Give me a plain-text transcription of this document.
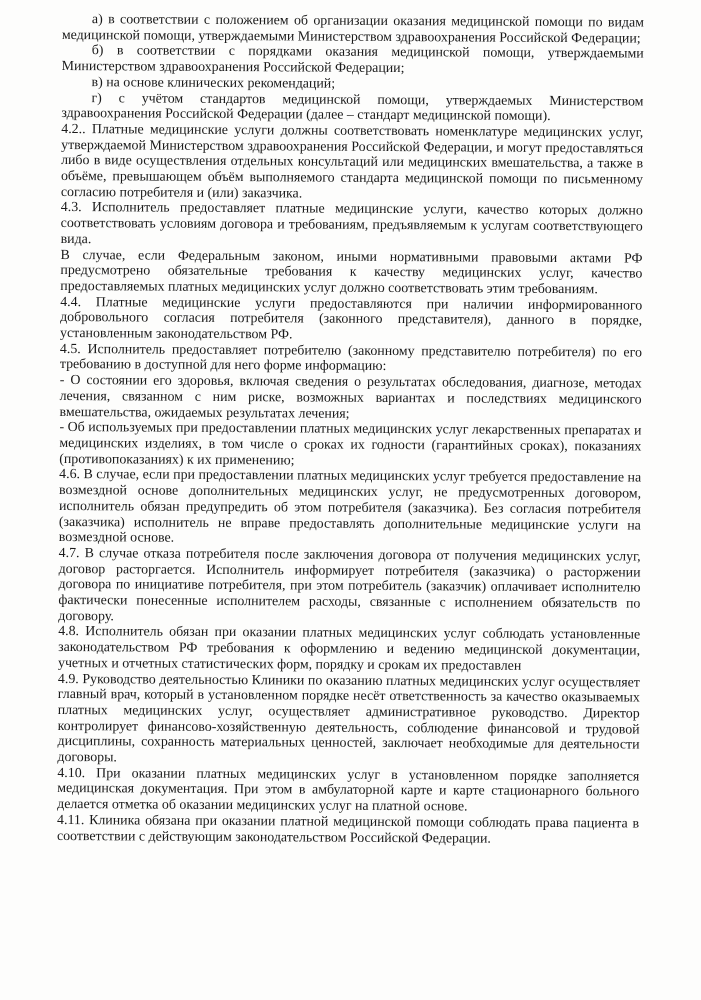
а) в соответствии с положением об организации оказания медицинской помощи по видам медицинской помощи, утверждаемыми Министерством здравоохранения Российской Федерации;

б) в соответствии с порядками оказания медицинской помощи, утверждаемыми Министерством здравоохранения Российской Федерации;

в) на основе клинических рекомендаций;

г) с учётом стандартов медицинской помощи, утверждаемых Министерством здравоохранения Российской Федерации (далее – стандарт медицинской помощи).

4.2.. Платные медицинские услуги должны соответствовать номенклатуре медицинских услуг, утверждаемой Министерством здравоохранения Российской Федерации, и могут предоставляться либо в виде осуществления отдельных консультаций или медицинских вмешательства, а также в объёме, превышающем объём выполняемого стандарта медицинской помощи по письменному согласию потребителя и (или) заказчика.

4.3. Исполнитель предоставляет платные медицинские услуги, качество которых должно соответствовать условиям договора и требованиям, предъявляемым к услугам соответствующего вида.

В случае, если Федеральным законом, иными нормативными правовыми актами РФ предусмотрено обязательные требования к качеству медицинских услуг, качество предоставляемых платных медицинских услуг должно соответствовать этим требованиям.

4.4. Платные медицинские услуги предоставляются при наличии информированного добровольного согласия потребителя (законного представителя), данного в порядке, установленным законодательством РФ.

4.5. Исполнитель предоставляет потребителю (законному представителю потребителя) по его требованию в доступной для него форме информацию:

- О состоянии его здоровья, включая сведения о результатах обследования, диагнозе, методах лечения, связанном с ним риске, возможных вариантах и последствиях медицинского вмешательства, ожидаемых результатах лечения;

- Об используемых при предоставлении платных медицинских услуг лекарственных препаратах и медицинских изделиях, в том числе о сроках их годности (гарантийных сроках), показаниях (противопоказаниях) к их применению;

4.6. В случае, если при предоставлении платных медицинских услуг требуется предоставление на возмездной основе дополнительных медицинских услуг, не предусмотренных договором, исполнитель обязан предупредить об этом потребителя (заказчика). Без согласия потребителя (заказчика) исполнитель не вправе предоставлять дополнительные медицинские услуги на возмездной основе.

4.7. В случае отказа потребителя после заключения договора от получения медицинских услуг, договор расторгается. Исполнитель информирует потребителя (заказчика) о расторжении договора по инициативе потребителя, при этом потребитель (заказчик) оплачивает исполнителю фактически понесенные исполнителем расходы, связанные с исполнением обязательств по договору.

4.8. Исполнитель обязан при оказании платных медицинских услуг соблюдать установленные законодательством РФ требования к оформлению и ведению медицинской документации, учетных и отчетных статистических форм, порядку и срокам их предоставлен

4.9. Руководство деятельностью Клиники по оказанию платных медицинских услуг осуществляет главный врач, который в установленном порядке несёт ответственность за качество оказываемых платных медицинских услуг, осуществляет административное руководство. Директор контролирует финансово-хозяйственную деятельность, соблюдение финансовой и трудовой дисциплины, сохранность материальных ценностей, заключает необходимые для деятельности договоры.

4.10. При оказании платных медицинских услуг в установленном порядке заполняется медицинская документация. При этом в амбулаторной карте и карте стационарного больного делается отметка об оказании медицинских услуг на платной основе.

4.11. Клиника обязана при оказании платной медицинской помощи соблюдать права пациента в соответствии с действующим законодательством Российской Федерации.
